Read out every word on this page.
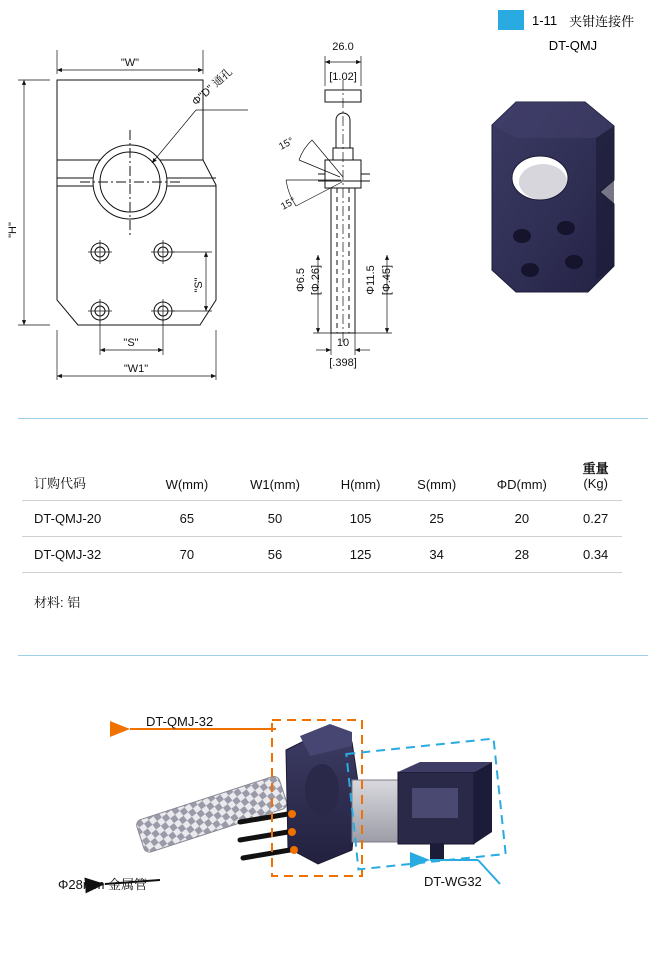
1-11 夹钳连接件
DT-QMJ
"W"
"H"
"W1"
"S"
"S"
Φ"D" 通孔
26.0
[1.02]
15°
15°
Φ6.5 [Φ.26]	Φ11.5 [Φ.45]
10
[.398]
订购代码	W(mm)	W1(mm)	H(mm)	S(mm)	ΦD(mm)	重量
(Kg)

DT-QMJ-20	65	50	105	25	20	0.27
DT-QMJ-32	70	56	125	34	28	0.34
材料: 铝
DT-QMJ-32
Φ28mm 金属管	DT-WG32
